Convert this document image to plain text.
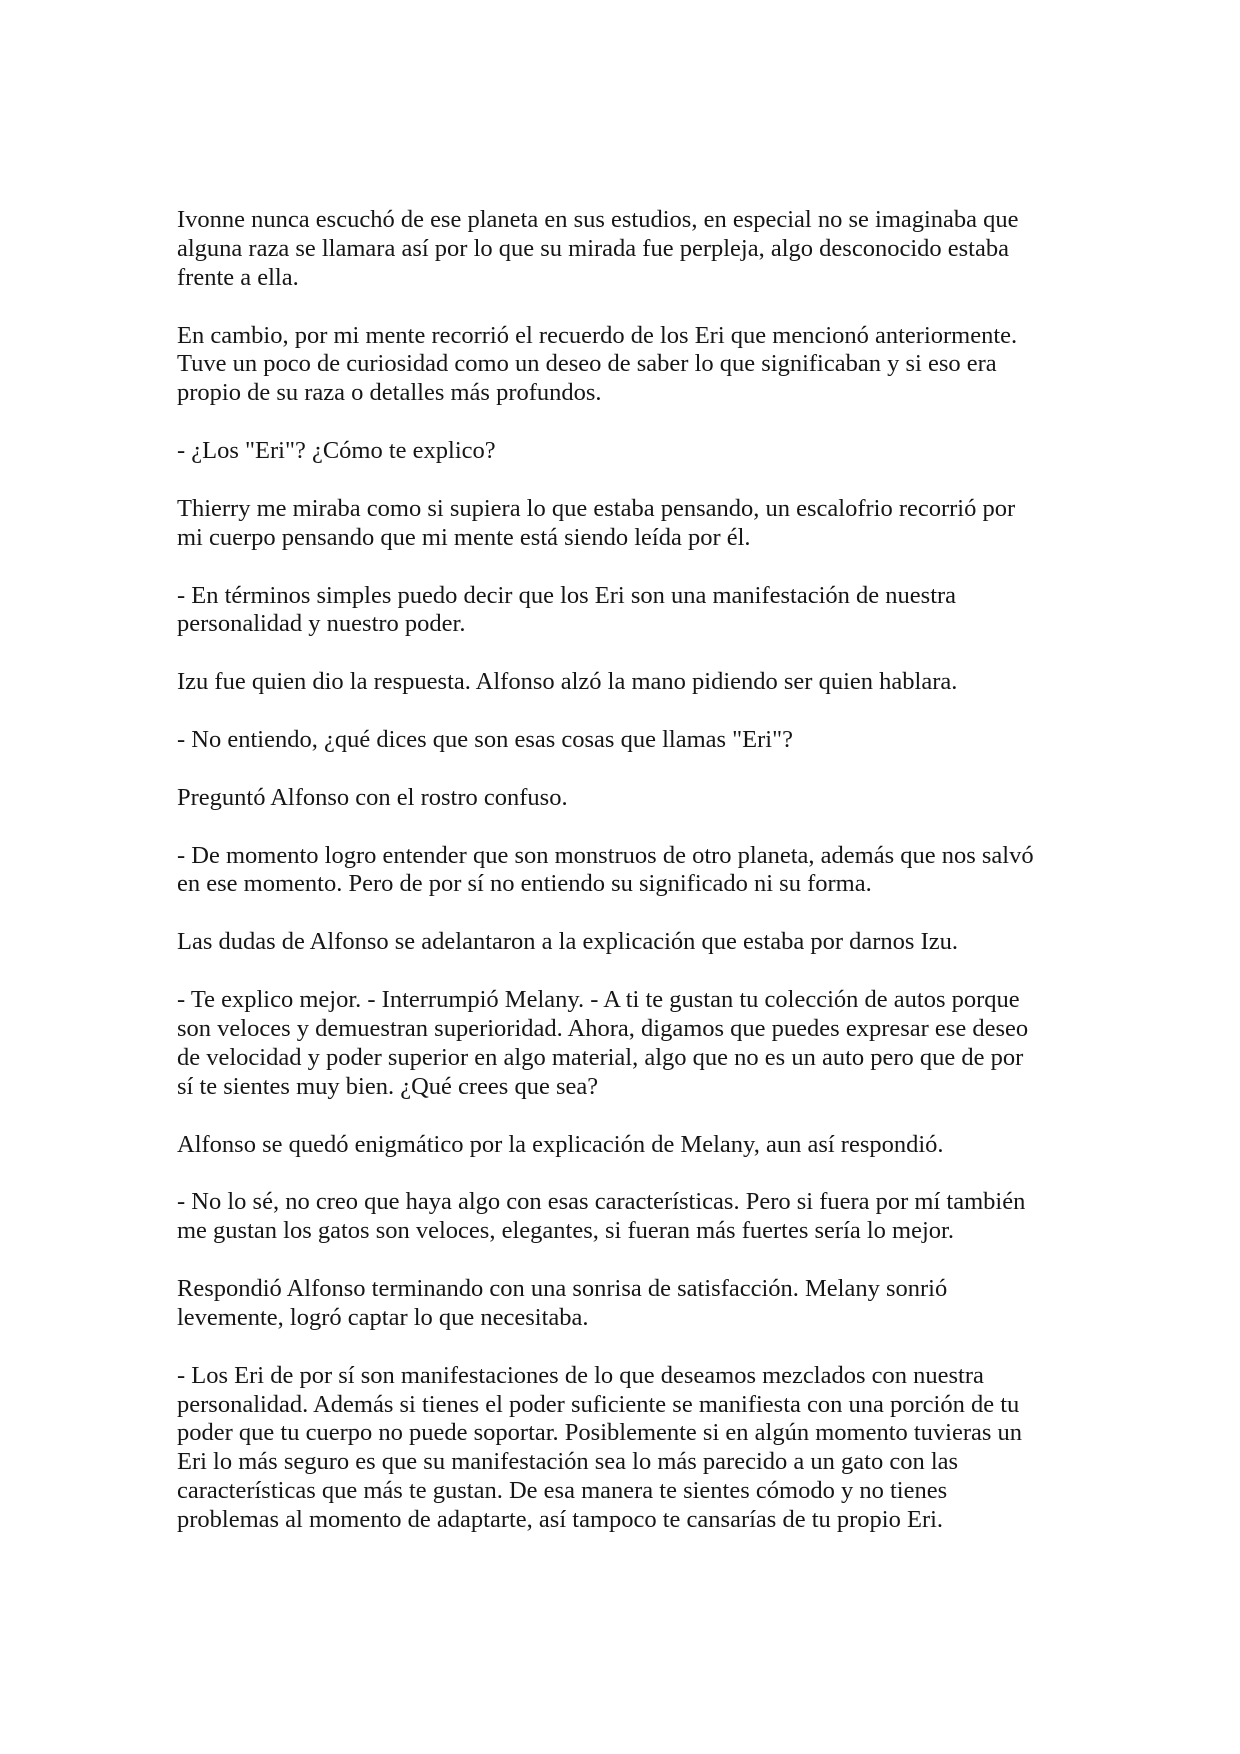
Ivonne nunca escuchó de ese planeta en sus estudios, en especial no se imaginaba que
alguna raza se llamara así por lo que su mirada fue perpleja, algo desconocido estaba
frente a ella.
En cambio, por mi mente recorrió el recuerdo de los Eri que mencionó anteriormente.
Tuve un poco de curiosidad como un deseo de saber lo que significaban y si eso era
propio de su raza o detalles más profundos.
- ¿Los "Eri"? ¿Cómo te explico?
Thierry me miraba como si supiera lo que estaba pensando, un escalofrio recorrió por
mi cuerpo pensando que mi mente está siendo leída por él.
- En términos simples puedo decir que los Eri son una manifestación de nuestra
personalidad y nuestro poder.
Izu fue quien dio la respuesta. Alfonso alzó la mano pidiendo ser quien hablara.
- No entiendo, ¿qué dices que son esas cosas que llamas "Eri"?
Preguntó Alfonso con el rostro confuso.
- De momento logro entender que son monstruos de otro planeta, además que nos salvó
en ese momento. Pero de por sí no entiendo su significado ni su forma.
Las dudas de Alfonso se adelantaron a la explicación que estaba por darnos Izu.
- Te explico mejor. - Interrumpió Melany. - A ti te gustan tu colección de autos porque
son veloces y demuestran superioridad. Ahora, digamos que puedes expresar ese deseo
de velocidad y poder superior en algo material, algo que no es un auto pero que de por
sí te sientes muy bien. ¿Qué crees que sea?
Alfonso se quedó enigmático por la explicación de Melany, aun así respondió.
- No lo sé, no creo que haya algo con esas características. Pero si fuera por mí también
me gustan los gatos son veloces, elegantes, si fueran más fuertes sería lo mejor.
Respondió Alfonso terminando con una sonrisa de satisfacción. Melany sonrió
levemente, logró captar lo que necesitaba.
- Los Eri de por sí son manifestaciones de lo que deseamos mezclados con nuestra
personalidad. Además si tienes el poder suficiente se manifiesta con una porción de tu
poder que tu cuerpo no puede soportar. Posiblemente si en algún momento tuvieras un
Eri lo más seguro es que su manifestación sea lo más parecido a un gato con las
características que más te gustan. De esa manera te sientes cómodo y no tienes
problemas al momento de adaptarte, así tampoco te cansarías de tu propio Eri.
